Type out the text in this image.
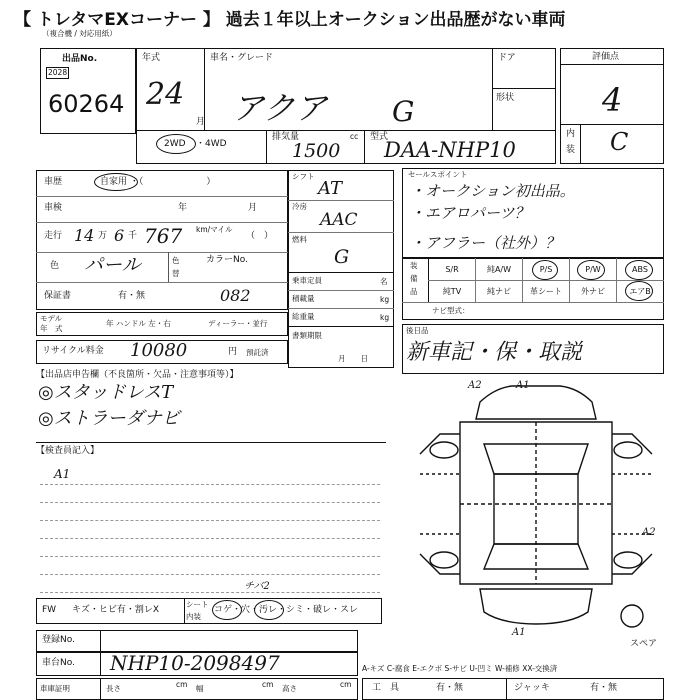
【 トレタマEXコーナー 】 過去１年以上オークション出品歴がない車両
（複合機 / 対応用紙）
出品No.
2028
60264
年式
24
月
車名・グレード
アクア G
ドア
形状
2WD ・4WD
排気量	cc
1500
型式
DAA-NHP10
評価点
4
内
装 C
車歴	自家用 ・（　　　　　　　）
車検	年	月
走行 14 万 6 千 767 km/マイル
（　）
色 パール	色
替
カラーNo.
082
保証書	有・無
モデル
年　式
年 ハンドル 左・右	ディーラー・並行
リサイクル料金 10080	円 預託済
シフト
AT
冷房
AAC
燃料
G
乗車定員	名
積載量	kg
総重量	kg
書類期限
月　　日
セールスポイント
・オークション初出品。
・エアロパーツ？
・アフラー（社外）？
装
備
品
S/R	純A/W	P/S	P/W	ABS
純TV	純ナビ	革シート	外ナビ	エアB
ナビ型式：
後日品
新車記・保・取説
【出品店申告欄（不良箇所・欠品・注意事項等）】
◎スタッドレスT
◎ストラーダナビ
【検査員記入】
A1
A2	A1
A2
A1
スペア
FW キズ・ヒビ有・割レX
シート
内装
コゲ・穴・汚レ・シミ・破レ・スレ
チバ2
登録No.
車台No. NHP10-2098497	A-キズ C-腐食 E-エクボ S-サビ U-凹ミ W-補修 XX-交換済
車庫証明	長さ	cm 幅	cm 高さ	cm 工　具	有・無	ジャッキ	有・無
